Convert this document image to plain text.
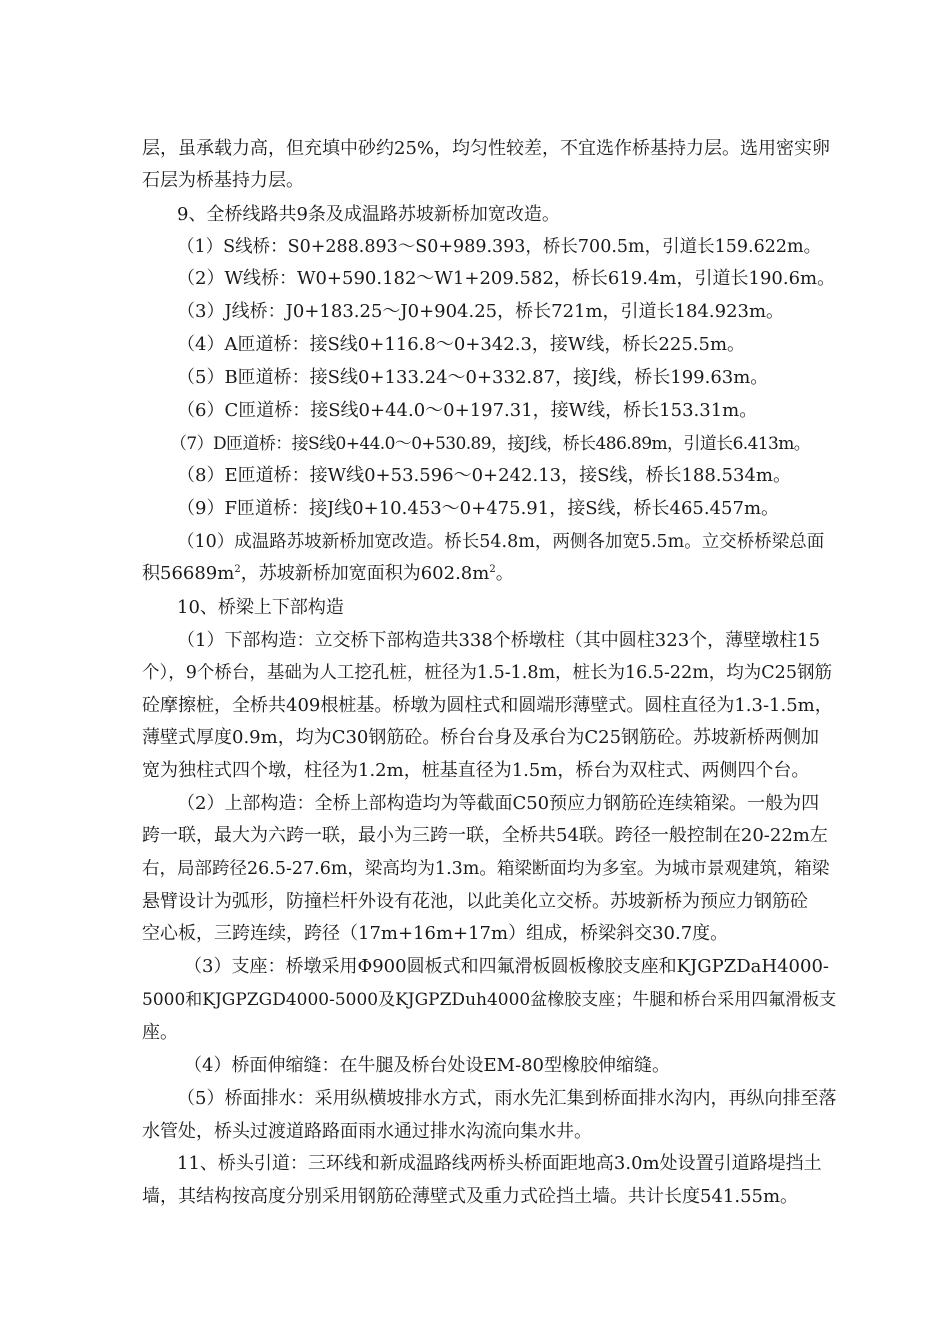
层，虽承载力高，但充填中砂约25%，均匀性较差，不宜选作桥基持力层。选用密实卵
石层为桥基持力层。
9、全桥线路共9条及成温路苏坡新桥加宽改造。
（1）S线桥：S0+288.893～S0+989.393，桥长700.5m，引道长159.622m。
（2）W线桥：W0+590.182～W1+209.582，桥长619.4m，引道长190.6m。
（3）J线桥：J0+183.25～J0+904.25，桥长721m，引道长184.923m。
（4）A匝道桥：接S线0+116.8～0+342.3，接W线，桥长225.5m。
（5）B匝道桥：接S线0+133.24～0+332.87，接J线，桥长199.63m。
（6）C匝道桥：接S线0+44.0～0+197.31，接W线，桥长153.31m。
（7）D匝道桥：接S线0+44.0～0+530.89，接J线，桥长486.89m，引道长6.413m。
（8）E匝道桥：接W线0+53.596～0+242.13，接S线，桥长188.534m。
（9）F匝道桥：接J线0+10.453～0+475.91，接S线，桥长465.457m。
（10）成温路苏坡新桥加宽改造。桥长54.8m，两侧各加宽5.5m。立交桥桥梁总面
积$56689m^2$，苏坡新桥加宽面积为$602.8m^2$。
10、桥梁上下部构造
（1）下部构造：立交桥下部构造共338个桥墩柱（其中圆柱323个，薄壁墩柱15
个），9个桥台，基础为人工挖孔桩，桩径为1.5-1.8m，桩长为16.5-22m，均为C25钢筋
砼摩擦桩，全桥共409根桩基。桥墩为圆柱式和圆端形薄壁式。圆柱直径为1.3-1.5m，
薄壁式厚度0.9m，均为C30钢筋砼。桥台台身及承台为C25钢筋砼。苏坡新桥两侧加
宽为独柱式四个墩，柱径为1.2m，桩基直径为1.5m，桥台为双柱式、两侧四个台。
（2）上部构造：全桥上部构造均为等截面C50预应力钢筋砼连续箱梁。一般为四
跨一联，最大为六跨一联，最小为三跨一联，全桥共54联。跨径一般控制在20-22m左
右，局部跨径26.5-27.6m，梁高均为1.3m。箱梁断面均为多室。为城市景观建筑，箱梁
悬臂设计为弧形，防撞栏杆外设有花池，以此美化立交桥。苏坡新桥为预应力钢筋砼
空心板，三跨连续，跨径（17m+16m+17m）组成，桥梁斜交30.7度。
（3）支座：桥墩采用Φ900圆板式和四氟滑板圆板橡胶支座和KJGPZDaH4000-
5000和KJGPZGD4000-5000及KJGPZDuh4000盆橡胶支座；牛腿和桥台采用四氟滑板支
座。
（4）桥面伸缩缝：在牛腿及桥台处设EM-80型橡胶伸缩缝。
（5）桥面排水：采用纵横坡排水方式，雨水先汇集到桥面排水沟内，再纵向排至落
水管处，桥头过渡道路路面雨水通过排水沟流向集水井。
11、桥头引道：三环线和新成温路线两桥头桥面距地高3.0m处设置引道路堤挡土
墙，其结构按高度分别采用钢筋砼薄壁式及重力式砼挡土墙。共计长度541.55m。
